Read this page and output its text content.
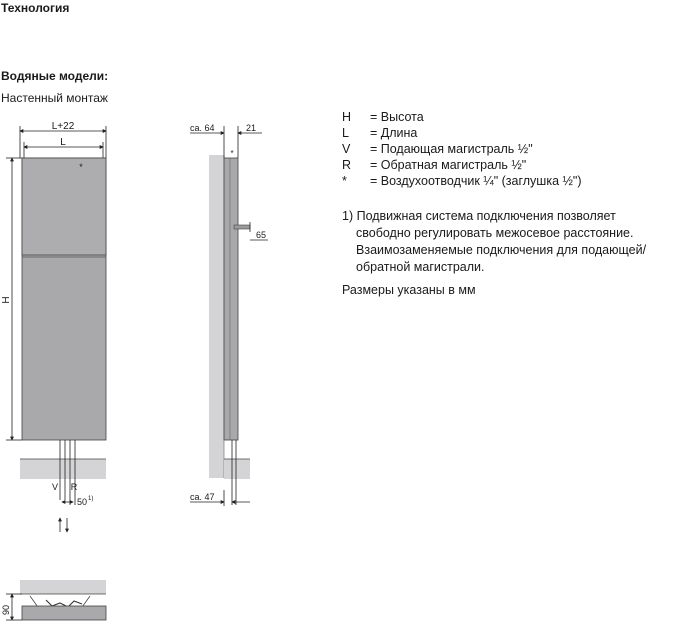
Технология
Водяные модели:
Настенный монтаж
L+22
L
H
*
V R
50 1)
*
ca. 64	21
65
ca. 47
90
H	= Высота
L	= Длина
V	= Подающая магистраль ½"
R	= Обратная магистраль ½"
*	= Воздухоотводчик ¼" (заглушка ½")
1) Подвижная система подключения позволяет
свободно регулировать межосевое расстояние.
Взаимозаменяемые подключения для подающей/
обратной магистрали.
Размеры указаны в мм
